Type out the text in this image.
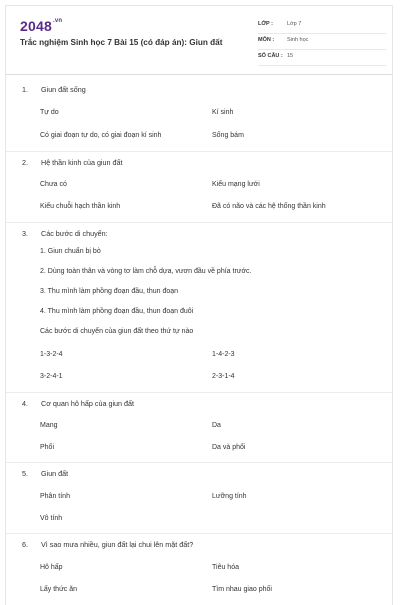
$2048^{.vn}$
Trắc nghiệm Sinh học 7 Bài 15 (có đáp án): Giun đất
LỚP :	Lớp 7
MÔN : Sinh học
SỐ CÂU : 15
1. Giun đất sống
Tự do	Kí sinh
Có giai đoạn tự do, có giai đoạn kí sinh	Sống bám
2. Hệ thần kinh của giun đất
Chưa có	Kiểu mạng lưới
Kiểu chuỗi hạch thần kinh	Đã có não và các hệ thống thần kinh
3. Các bước di chuyển:
1. Giun chuẩn bị bò
2. Dùng toàn thân và vòng tơ làm chỗ dựa, vươn đầu về phía trước.
3. Thu mình làm phồng đoạn đầu, thun đoạn
4. Thu mình làm phồng đoạn đầu, thun đoạn đuôi
Các bước di chuyển của giun đất theo thứ tự nào
1-3-2-4	1-4-2-3
3-2-4-1	2-3-1-4
4. Cơ quan hô hấp của giun đất
Mang	Da
Phổi	Da và phổi
5. Giun đất
Phân tính	Lưỡng tính
Vô tính
6. Vì sao mưa nhiều, giun đất lại chui lên mặt đất?
Hô hấp	Tiêu hóa
Lấy thức ăn	Tìm nhau giao phối
